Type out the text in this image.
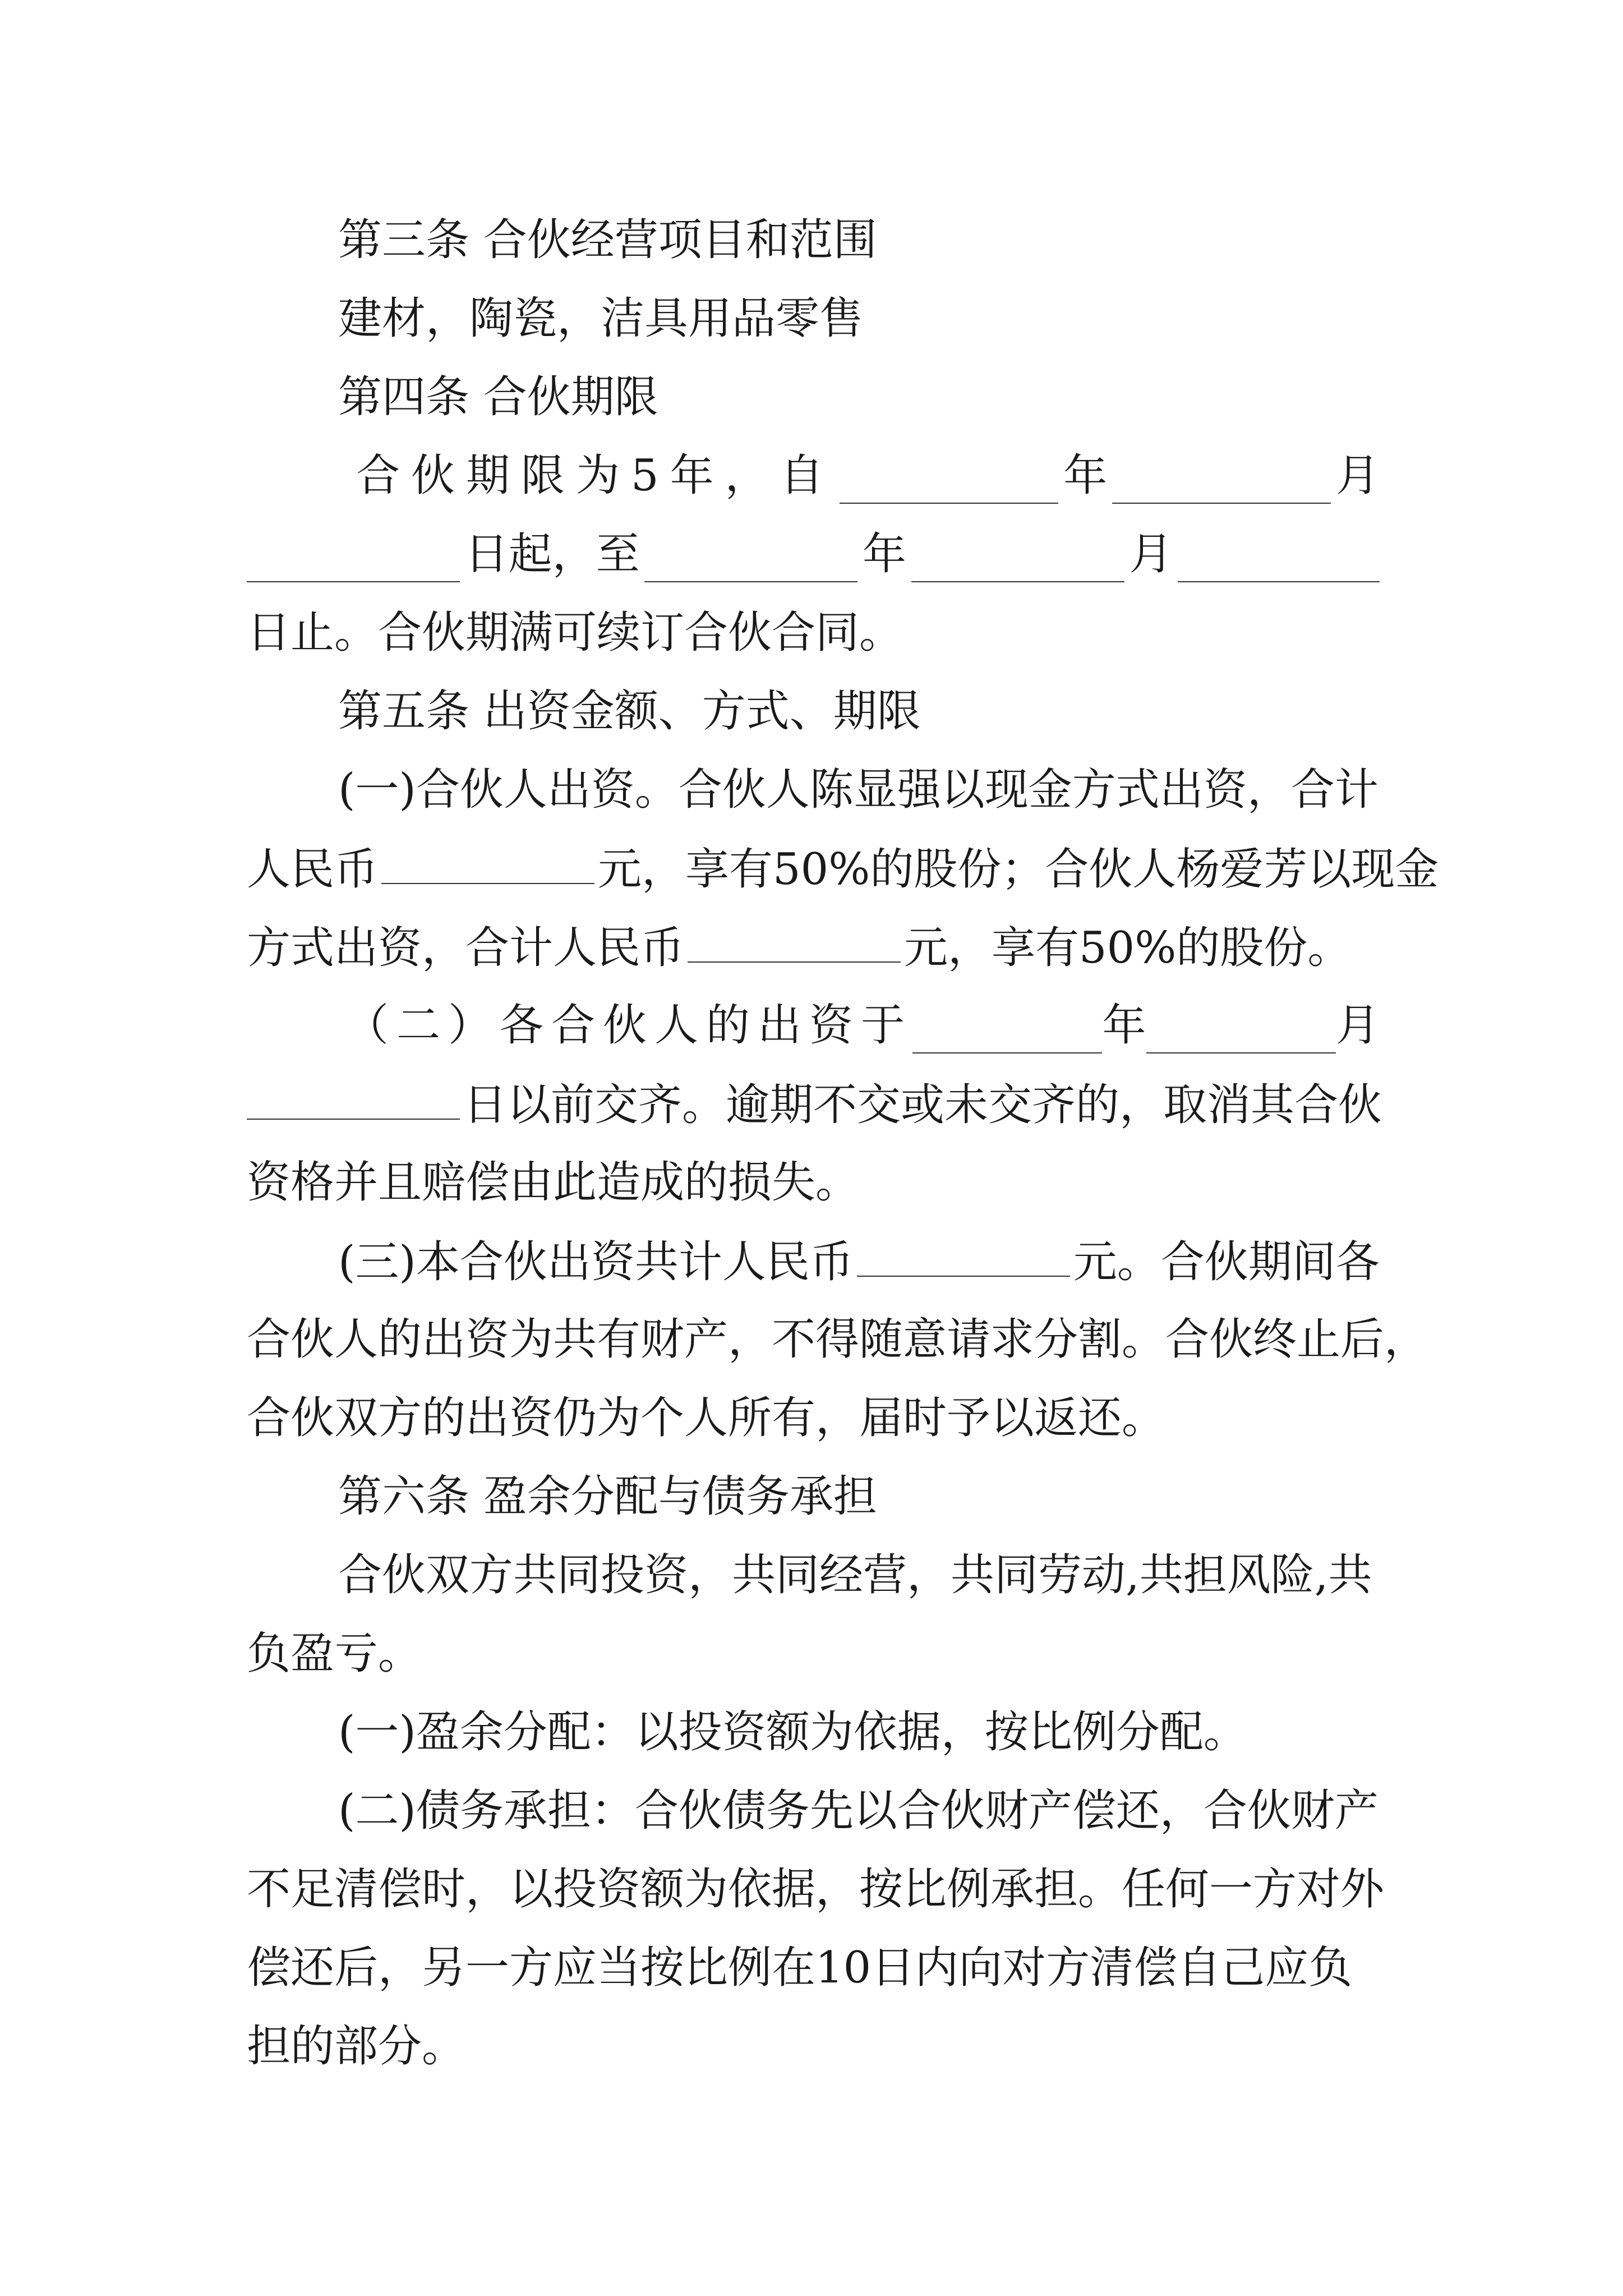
第三条 合伙经营项目和范围
建材，陶瓷，洁具用品零售
第四条 合伙期限
合伙期限为5年，自	年	月
日起，至	年	月
日止。合伙期满可续订合伙合同。
第五条 出资金额、方式、期限
(一)合伙人出资。合伙人陈显强以现金方式出资，合计
人民币	元，享有50%的股份；合伙人杨爱芳以现金
方式出资，合计人民币	元，享有50%的股份。
（二）各合伙人的出资于	年	月
日以前交齐。逾期不交或未交齐的，取消其合伙
资格并且赔偿由此造成的损失。
(三)本合伙出资共计人民币	元。合伙期间各
合伙人的出资为共有财产，不得随意请求分割。合伙终止后，
合伙双方的出资仍为个人所有，届时予以返还。
第六条 盈余分配与债务承担
合伙双方共同投资，共同经营，共同劳动,共担风险,共
负盈亏。
(一)盈余分配：以投资额为依据，按比例分配。
(二)债务承担：合伙债务先以合伙财产偿还，合伙财产
不足清偿时，以投资额为依据，按比例承担。任何一方对外
偿还后，另一方应当按比例在10日内向对方清偿自己应负
担的部分。
